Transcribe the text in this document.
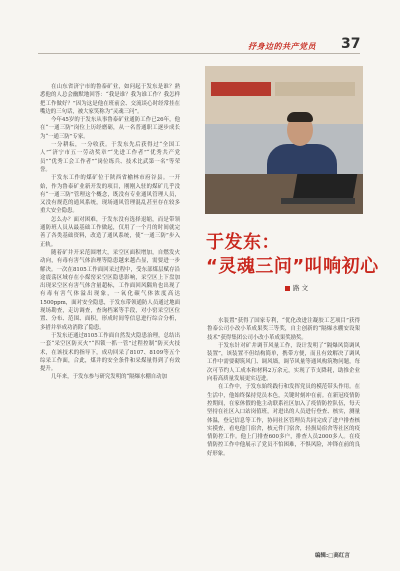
抒身边的共产党员 37

在山东省济宁市的鲁泰矿业，如问起于发东是谁？熟悉他的人总会幽默地回答：“我是谁？我为谁工作？我怎样把工作做好？”因为这是他在班前会、交流谈心时经常挂在嘴边的三句话，被大家笑称为“灵魂三问”。

今年45岁的于发东从事鲁泰矿业通防工作已26年，他在“一通三防”岗位上历经磨砺，从一名普通职工逐步成长为“一通三防”专家。

一分耕耘，一分收获。于发东先后获得过“全国工人”“济宁市五一劳动奖章”“先进工作者”“优秀共产党员”“优秀工会工作者”“岗位练兵、技术比武第一名”等荣誉。

于发东工作的煤矿位于陕西省榆林市府谷县。一开始，作为鲁泰矿业新开发的项目，刚刚入驻的煤矿几乎没有“一通三防”管理这个概念，既没有专业通风管理人员，又没有规范的通风系统，现场通风管理混乱甚至存在较多重大安全隐患。

怎么办？面对困难，于发东没有选择退缩，而是带领通防班人员从最基础工作做起，仅用了一个月的时间就完善了各类基础资料，改造了通风系统，使“一通三防”步入正轨。

随着矿井开采范围增大，采空区面积增加，自燃发火动向，有毒有害气体治理等隐患越来越凸显，需要进一步解决。一次在8105工作面回采过程中，受东部煤层赋存沿途震荡区域存在小煤窑采空区隐患影响，采空区上下盘加出现采空区有害气体含量超标，工作面回风隅角也出现了有毒有害气体溢出现象，一氧化碳气体浓度高达1500ppm，面对安全隐患，于发东带领通防人员通过地面现场勘查，走访调查，查询档案等手段，对小窑采空区位置、分布、范围、面积，形成时间等信息进行综合分析，多措并举成功消除了隐患。

于发东还通过8105工作面自然发火隐患治理，总结出一套“采空区防灭火”“四锁一抓一管”过程控制“防灭火技术，在该技术的指导下，成功回采了8107、8109等五个综采工作面，合此，煤井的安全条件和采煤量得到了有效提升。

几年来，于发东参与研究发明的“隔爆水棚自动加

于发东：
“灵魂三问”叫响初心
路 文

水装置”获得了国家专利，“优化改进注凝胶工艺项目”获得鲁泰公司小改小革成果奖三等奖，自主创新的“隔爆水棚安设架技术”获得集团公司小改小革成果奖励奖。

于发东针对矿井调节风量工作，设计发明了“隔爆风筒调风装置”，该装置不但结构简单，携带方便，而且有效解决了调风工作中需要砌筑风门、调风墙，调节风量等通风构筑物问题，每次可节约人工成本和材料2万余元，实现了节支降耗，助推企业向着高质量发展更实迈进。

在工作中，于发东始终践行和发挥党员的模范带头作用。在生活中，他始终保持党员本色，关键时刻冲在前。在新冠疫情防控期间，在家休假的他主动联系社区加入了疫情防控队伍，每天坚持在社区入口站岗值班，对进出的人员进行登查、核实，测量体温，登记信息等工作，协同社区管理员共同完成了进户排查核实摸查，看电他门宿舍，核元件门宿舍，轻损局宿舍等社区的疫情防控工作。他上门排查600多户，排查人员2000多人。在疫情防控工作中他展示了党员不怕困难，不惧风险，冲锋在前的良好形象。

编辑:□高红言
